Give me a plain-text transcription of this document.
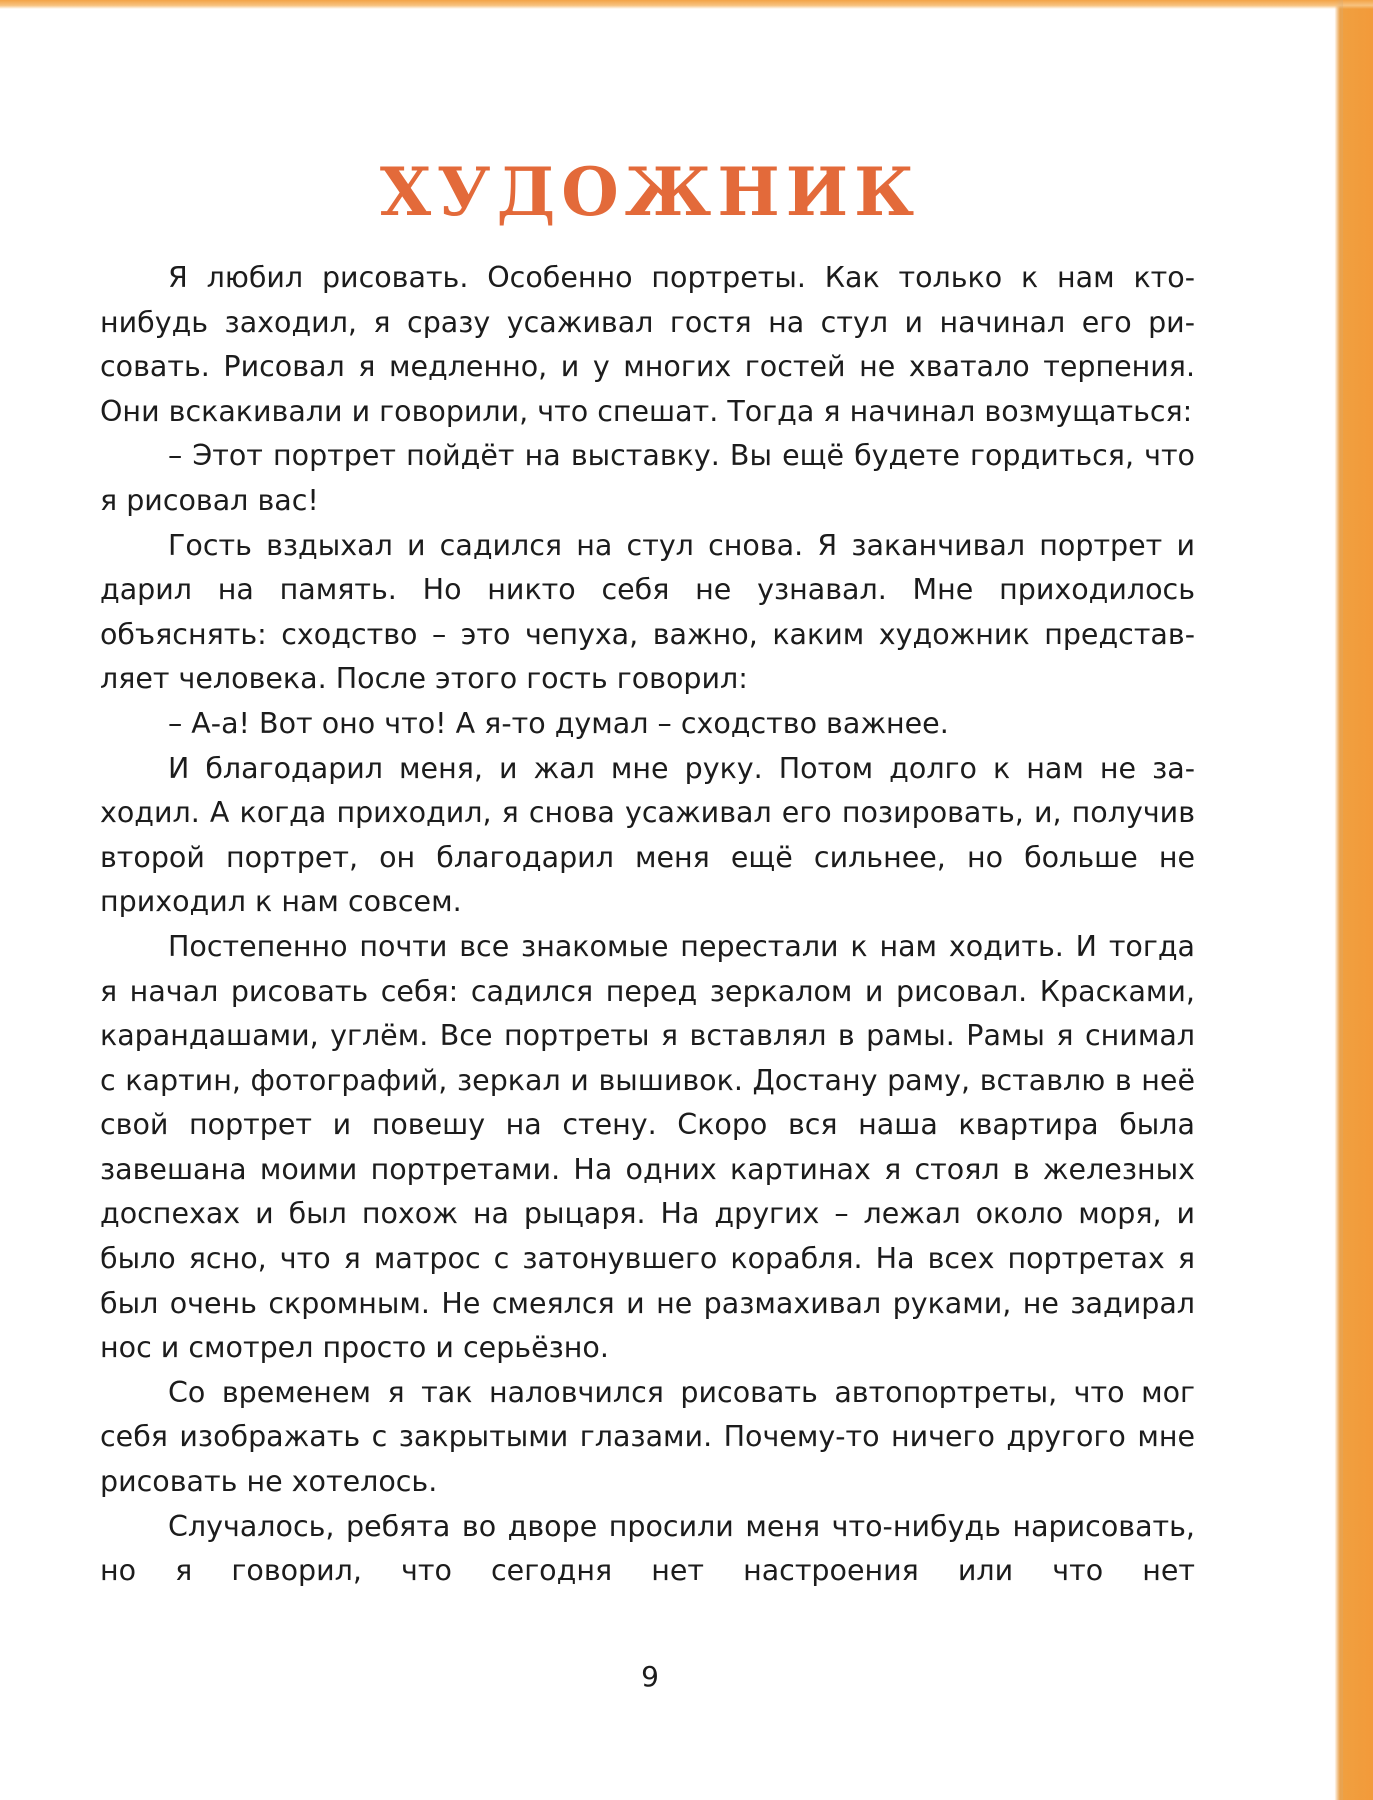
ХУДОЖНИК

Я любил рисовать. Особенно портреты. Как только к нам кто-нибудь заходил, я сразу усаживал гостя на стул и начинал его рисовать. Рисовал я медленно, и у многих гостей не хватало терпения. Они вскакивали и говорили, что спешат. Тогда я начинал возмущаться:

– Этот портрет пойдёт на выставку. Вы ещё будете гордиться, что я рисовал вас!

Гость вздыхал и садился на стул снова. Я заканчивал портрет и дарил на память. Но никто себя не узнавал. Мне приходилось объяснять: сходство – это чепуха, важно, каким художник представляет человека. После этого гость говорил:

– А-а! Вот оно что! А я-то думал – сходство важнее.

И благодарил меня, и жал мне руку. Потом долго к нам не заходил. А когда приходил, я снова усаживал его позировать, и, получив второй портрет, он благодарил меня ещё сильнее, но больше не приходил к нам совсем.

Постепенно почти все знакомые перестали к нам ходить. И тогда я начал рисовать себя: садился перед зеркалом и рисовал. Красками, карандашами, углём. Все портреты я вставлял в рамы. Рамы я снимал с картин, фотографий, зеркал и вышивок. Достану раму, вставлю в неё свой портрет и повешу на стену. Скоро вся наша квартира была завешана моими портретами. На одних картинах я стоял в железных доспехах и был похож на рыцаря. На других – лежал около моря, и было ясно, что я матрос с затонувшего корабля. На всех портретах я был очень скромным. Не смеялся и не размахивал руками, не задирал нос и смотрел просто и серьёзно.

Со временем я так наловчился рисовать автопортреты, что мог себя изображать с закрытыми глазами. Почему-то ничего другого мне рисовать не хотелось.

Случалось, ребята во дворе просили меня что-нибудь нарисовать, но я говорил, что сегодня нет настроения или что нет

9
